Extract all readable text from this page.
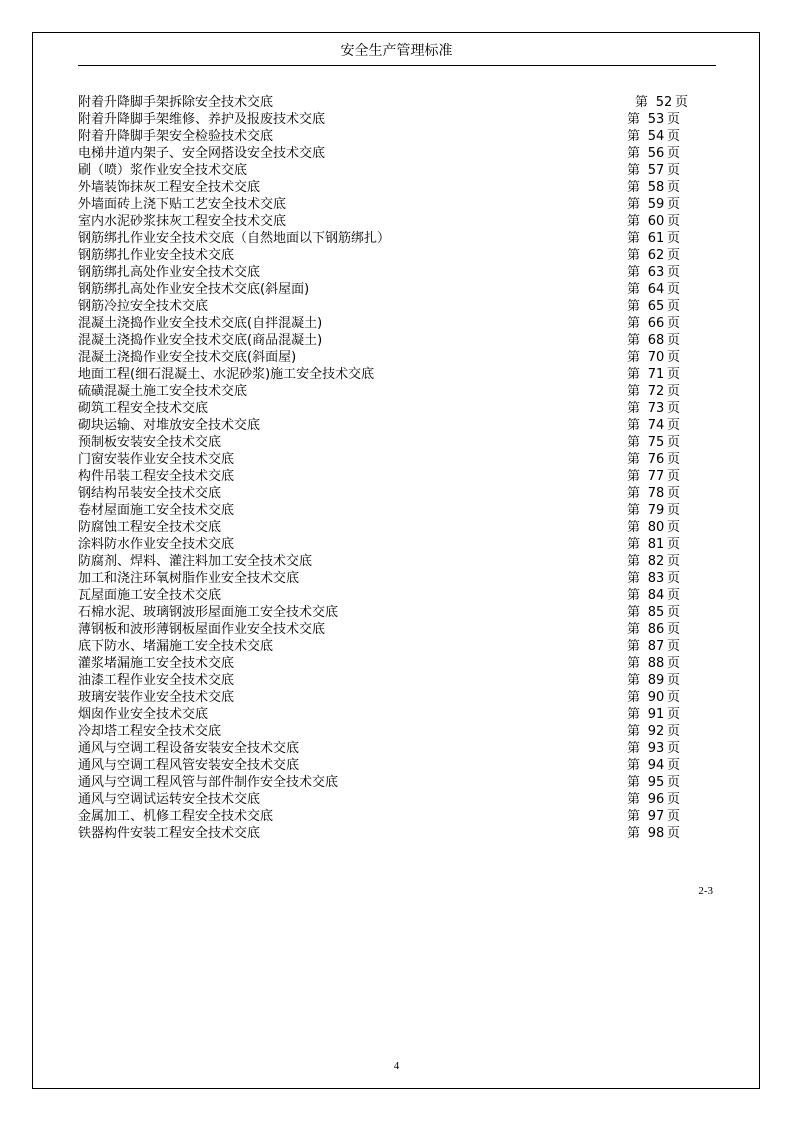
安全生产管理标准
附着升降脚手架拆除安全技术交底	第 52 页
附着升降脚手架维修、养护及报废技术交底	第 53 页
附着升降脚手架安全检验技术交底	第 54 页
电梯井道内架子、安全网搭设安全技术交底	第 56 页
刷（喷）浆作业安全技术交底	第 57 页
外墙装饰抹灰工程安全技术交底	第 58 页
外墙面砖上浇下贴工艺安全技术交底	第 59 页
室内水泥砂浆抹灰工程安全技术交底	第 60 页
钢筋绑扎作业安全技术交底（自然地面以下钢筋绑扎）	第 61 页
钢筋绑扎作业安全技术交底	第 62 页
钢筋绑扎高处作业安全技术交底	第 63 页
钢筋绑扎高处作业安全技术交底(斜屋面)	第 64 页
钢筋冷拉安全技术交底	第 65 页
混凝土浇捣作业安全技术交底(自拌混凝土)	第 66 页
混凝土浇捣作业安全技术交底(商品混凝土)	第 68 页
混凝土浇捣作业安全技术交底(斜面屋)	第 70 页
地面工程(细石混凝土、水泥砂浆)施工安全技术交底	第 71 页
硫磺混凝土施工安全技术交底	第 72 页
砌筑工程安全技术交底	第 73 页
砌块运输、对堆放安全技术交底	第 74 页
预制板安装安全技术交底	第 75 页
门窗安装作业安全技术交底	第 76 页
构件吊装工程安全技术交底	第 77 页
钢结构吊装安全技术交底	第 78 页
卷材屋面施工安全技术交底	第 79 页
防腐蚀工程安全技术交底	第 80 页
涂料防水作业安全技术交底	第 81 页
防腐剂、焊料、灌注料加工安全技术交底	第 82 页
加工和浇注环氧树脂作业安全技术交底	第 83 页
瓦屋面施工安全技术交底	第 84 页
石棉水泥、玻璃钢波形屋面施工安全技术交底	第 85 页
薄钢板和波形薄钢板屋面作业安全技术交底	第 86 页
底下防水、堵漏施工安全技术交底	第 87 页
灌浆堵漏施工安全技术交底	第 88 页
油漆工程作业安全技术交底	第 89 页
玻璃安装作业安全技术交底	第 90 页
烟囱作业安全技术交底	第 91 页
冷却塔工程安全技术交底	第 92 页
通风与空调工程设备安装安全技术交底	第 93 页
通风与空调工程风管安装安全技术交底	第 94 页
通风与空调工程风管与部件制作安全技术交底	第 95 页
通风与空调试运转安全技术交底	第 96 页
金属加工、机修工程安全技术交底	第 97 页
铁器构件安装工程安全技术交底	第 98 页
2-3
4
